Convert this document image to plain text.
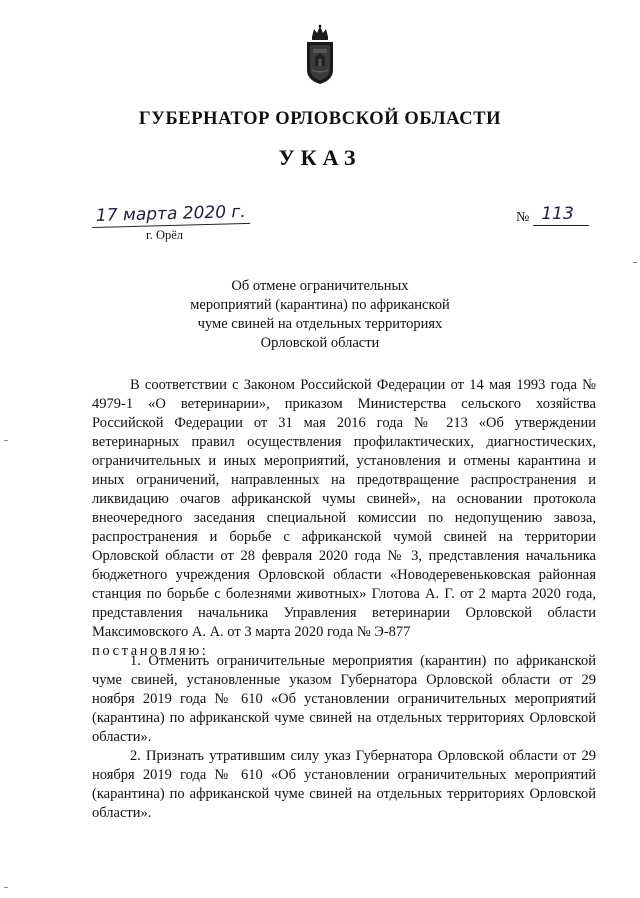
ГУБЕРНАТОР ОРЛОВСКОЙ ОБЛАСТИ
УКАЗ
17 марта 2020 г.
г. Орёл
№ 113
Об отмене ограничительных
мероприятий (карантина) по африканской
чуме свиней на отдельных территориях
Орловской области

В соответствии с Законом Российской Федерации от 14 мая 1993 года № 4979-1 «О ветеринарии», приказом Министерства сельского хозяйства Российской Федерации от 31 мая 2016 года № 213 «Об утверждении ветеринарных правил осуществления профилактических, диагностических, ограничительных и иных мероприятий, установления и отмены карантина и иных ограничений, направленных на предотвращение распространения и ликвидацию очагов африканской чумы свиней», на основании протокола внеочередного заседания специальной комиссии по недопущению завоза, распространения и борьбе с африканской чумой свиней на территории Орловской области от 28 февраля 2020 года № 3, представления начальника бюджетного учреждения Орловской области «Новодеревеньковская районная станция по борьбе с болезнями животных» Глотова А. Г. от 2 марта 2020 года, представления начальника Управления ветеринарии Орловской области Максимовского А. А. от 3 марта 2020 года № Э-877
постановляю:

1. Отменить ограничительные мероприятия (карантин) по африканской чуме свиней, установленные указом Губернатора Орловской области от 29 ноября 2019 года № 610 «Об установлении ограничительных мероприятий (карантина) по африканской чуме свиней на отдельных территориях Орловской области».

2. Признать утратившим силу указ Губернатора Орловской области от 29 ноября 2019 года № 610 «Об установлении ограничительных мероприятий (карантина) по африканской чуме свиней на отдельных территориях Орловской области».
